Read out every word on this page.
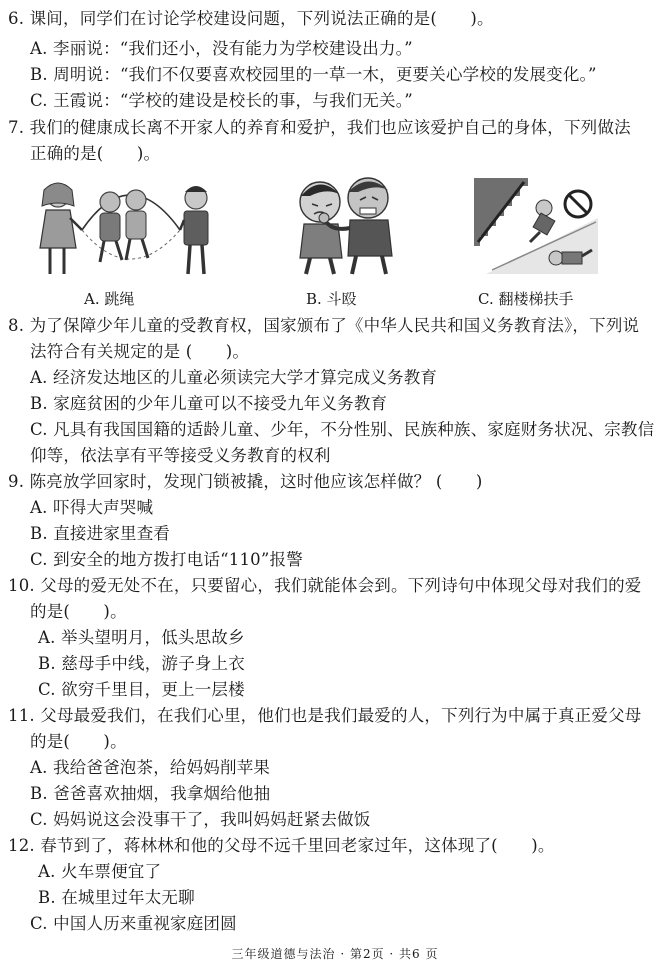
6. 课间，同学们在讨论学校建设问题，下列说法正确的是(　　)。
A. 李丽说：“我们还小，没有能力为学校建设出力。”
B. 周明说：“我们不仅要喜欢校园里的一草一木，更要关心学校的发展变化。”
C. 王霞说：“学校的建设是校长的事，与我们无关。”
7. 我们的健康成长离不开家人的养育和爱护，我们也应该爱护自己的身体，下列做法
正确的是(　　)。
A. 跳绳	B. 斗殴	C. 翻楼梯扶手
8. 为了保障少年儿童的受教育权，国家颁布了《中华人民共和国义务教育法》，下列说
法符合有关规定的是 (　　)。
A. 经济发达地区的儿童必须读完大学才算完成义务教育
B. 家庭贫困的少年儿童可以不接受九年义务教育
C. 凡具有我国国籍的适龄儿童、少年，不分性别、民族种族、家庭财务状况、宗教信
仰等，依法享有平等接受义务教育的权利
9. 陈亮放学回家时，发现门锁被撬，这时他应该怎样做？ (　　)
A. 吓得大声哭喊
B. 直接进家里查看
C. 到安全的地方拨打电话“110”报警
10. 父母的爱无处不在，只要留心，我们就能体会到。下列诗句中体现父母对我们的爱
的是(　　)。
A. 举头望明月，低头思故乡
B. 慈母手中线，游子身上衣
C. 欲穷千里目，更上一层楼
11. 父母最爱我们，在我们心里，他们也是我们最爱的人，下列行为中属于真正爱父母
的是(　　)。
A. 我给爸爸泡茶，给妈妈削苹果
B. 爸爸喜欢抽烟，我拿烟给他抽
C. 妈妈说这会没事干了，我叫妈妈赶紧去做饭
12. 春节到了，蒋林林和他的父母不远千里回老家过年，这体现了(　　)。
A. 火车票便宜了
B. 在城里过年太无聊
C. 中国人历来重视家庭团圆
三年级道德与法治 · 第2页 · 共6 页
